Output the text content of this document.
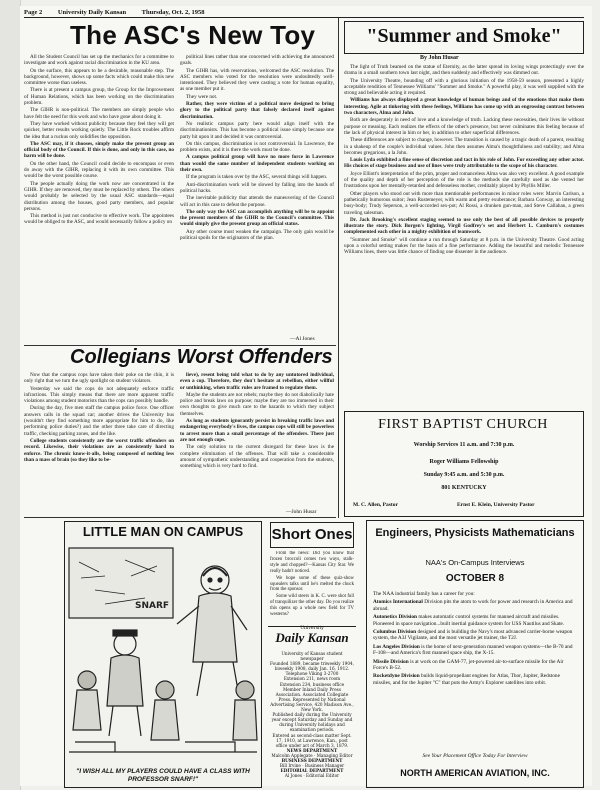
Page 2 University Daily Kansan Thursday, Oct. 2, 1958
The ASC's New Toy

All the Student Council has set up the mechanics for a committee to investigate and work against racial discrimination in the KU area.

On the surface, this appears to be a desirable, reasonable step. The background, however, shows up some facts which could make this new committee worse than useless.

There is at present a campus group, the Group for the Improvement of Human Relations, which has been working on the discrimination problem.

The GIHR is non-political. The members are simply people who have felt the need for this work and who have gone about doing it.

They have worked without publicity because they feel they will get quicker, better results working quietly. The Little Rock troubles affirm the idea that a ruckus only solidifies the opposition.

The ASC may, if it chooses, simply make the present group an official body of the Council. If this is done, and only in this case, no harm will be done.

On the other hand, the Council could decide to encompass or even do away with the GIHR, replacing it with its own committee. This would be the worst possible course.

The people actually doing the work now are concentrated in the GIHR. If they are removed, they must be replaced by others. The others would probably be selected by the usual ASC standards—equal distribution among the houses, good party members, and popular persons.

This method is just not conducive to effective work. The appointees would be obliged to the ASC, and would necessarily follow a policy on

political lines rather than one concerned with achieving the announced goals.

The GIHR has, with reservations, welcomed the ASC resolution. The ASC members who voted for the resolution were undoubtedly well-intentioned. They believed they were casting a vote for human equality, as one member put it.

They were not.

Rather, they were victims of a political move designed to bring glory to the political party that falsely declared itself against discrimination.

No realistic campus party here would align itself with the discriminationists. This has become a political issue simply because one party hit upon it and decided it was controversial.

On this campus, discrimination is not controversial. In Lawrence, the problem exists, and it is there the work must be done.

A campus political group will have no more force in Lawrence than would the same number of independent students working on their own.

If the program is taken over by the ASC, several things will happen.

Anti-discrimination work will be slowed by falling into the hands of political hacks.

The inevitable publicity that attends the maneuvering of the Council will act in this case to defeat the purpose.

The only way the ASC can accomplish anything will be to appoint the present members of the GIHR to the Council's committee. This would simply give the present group an official status.

Any other course must weaken the campaign. The only gain would be political spoils for the originators of the plan.

—Al Jones
"Summer and Smoke"
By John Husar

The light of Truth beamed on the statue of Eternity, as the latter spread its loving wings protectingly over the drama in a small southern town last night, and then suddenly and effectively was dimmed out.

The University Theatre, bounding off with a glorious initiation of the 1958-59 season, presented a highly acceptable rendition of Tennessee Williams' "Summer and Smoke." A powerful play, it was well supplied with the strong and believable acting it required.

Williams has always displayed a great knowledge of human beings and of the emotions that make them interesting. Agile at tinkering with these feelings, Williams has come up with an engrossing contrast between two characters, Alma and John.

Both are desperately in need of love and a knowledge of truth. Lacking these necessities, their lives lie without purpose or meaning. Each realizes the effects of the other's presence, but never culminates this feeling because of the lack of physical interest in him or her, in addition to other superficial differences.

These differences are subject to change, however. The transition is caused by a tragic death of a parent, resulting in a shakeup of the couple's individual values. John then assumes Alma's thoughtfulness and stability; and Alma becomes gregarious, a la John.

Louis Lyda exhibited a fine sense of discretion and tact in his role of John. For exceeding any other actor. His choices of stage business and use of lines were truly attributable to the scope of his character.

Joyce Elliott's interpretation of the prim, proper and romanceless Alma was also very excellent. A good example of the quality and depth of her perception of the role is the methods she carefully used as she vented her frustrations upon her mentally-retarded and defenseless mother, creditably played by Phyllis Miller.

Other players who stood out with more than mentionable performances in minor roles were: Marvin Carlson, a pathetically humorous suitor; Jean Rustemeyer, with warm and pretty exuberance; Barbara Conway, an interesting busy-body; Trudy Seperson, a well-accorded sex-pot; Al Rossi, a drunken gun-man, and Steve Callahan, a green traveling salesman.

Dr. Jack Brooking's excellent staging seemed to use only the best of all possible devices to properly illustrate the story. Dick Borgen's lighting, Virgil Godfrey's set and Herbert L. Camburn's costumes complemented each other in a mighty exhibition of teamwork.

"Summer and Smoke" will continue a run through Saturday at 8 p.m. in the University Theatre. Good acting upon a colorful setting makes for the basis of a fine performance. Adding the beautiful and melodic Tennessee Williams lines, there was little chance of finding one dissenter in the audience.

Collegians Worst Offenders

Now that the campus cops have taken their poke on the chin, it is only right that we turn the ugly spotlight on student violators.

Yesterday we said the cops do not adequately enforce traffic infractions. This simply means that there are more apparent traffic violations among student motorists than the cops can possibly handle.

During the day, five men staff the campus police force. One officer answers calls in the squad car; another drives the University bus (wouldn't they find something more appropriate for him to do, like performing police duties?) and the other three take care of directing traffic, checking parking zones, and the like.

College students consistently are the worst traffic offenders on record. Likewise, their violations are as consistently hard to enforce. The chronic know-it-alls, being composed of nothing less than a mass of brain (so they like to be-

lieve), resent being told what to do by any untutored individual, even a cop. Therefore, they don't hesitate at rebellion, either willful or unthinking, when traffic rules are framed to regulate them.

Maybe the students are not rebels; maybe they do not diabolically hate police and break laws on purpose; maybe they are too immersed in their own thoughts to give much care to the hazards to which they subject themselves.

As long as students ignorantly persist in breaking traffic laws and endangering everybody's lives, the campus cops will still be powerless to arrest more than a small percentage of the offenders. There just are not enough cops.

The only solution to the current disregard for these laws is the complete elimination of the offenses. That will take a considerable amount of sympathetic understanding and cooperation from the students, something which is very hard to find.

—John Husar
FIRST BAPTIST CHURCH
Worship Services 11 a.m. and 7:30 p.m.
Roger Williams Fellowship
Sunday 9:45 a.m. and 5:30 p.m.
801 KENTUCKY
M. C. Allen, Pastor	Ernst E. Klein, University Pastor
LITTLE MAN ON CAMPUS
SNARF
"I WISH ALL MY PLAYERS COULD HAVE A CLASS WITH PROFESSOR SNARF!"
Short Ones

From the news: Did you know that frozen broccoli comes two ways, stalk-style and chopped?—Kansas City Star. We really hadn't noticed.

We hope some of these quiz-show squealers talks until he's melted the chuck from the sponsor.

Some wild steers in K. C. were shot full of tranquilizer the other day. Do you realize this opens up a whole new field for TV westerns?

University
Daily Kansan
University of Kansas student newspaper
Founded 1889, became triweekly 1904, biweekly 1908, daily Jan. 16, 1912.
Telephone Viking 3-2700
Extension 211, news room
Extension 234, business office
Member Inland Daily Press Association. Associated Collegiate Press. Represented by National Advertising Service, 420 Madison Ave., New York.
Published daily during the University year except Saturday and Sunday and during University holidays and examination periods.
Entered as second-class matter Sept. 17, 1910, at Lawrence, Kan., post office under act of March 3, 1879.
NEWS DEPARTMENT
Malcolm Applegate · Managing Editor
BUSINESS DEPARTMENT
Bill Irvine · Business Manager
EDITORIAL DEPARTMENT
Al Jones · Editorial Editor
Engineers, Physicists Mathematicians
NAA's On-Campus Interviews
OCTOBER 8

The NAA industrial family has a career for you:

Atomics International Division pits the atom to work for power and research in America and abroad.

Autonetics Division makes automatic control systems for manned aircraft and missiles. Pioneered in space navigation...built inertial guidance system for USS Nautilus and Skate.

Columbus Division designed and is building the Navy's most advanced carrier-borne weapon system, the A3J Vigilante, and the most versatile jet trainer, the T2J.

Los Angeles Division is the home of next-generation manned weapon systems—the B-70 and F-108—and America's first manned space ship, the X-15.

Missile Division is at work on the GAM-77, jet-powered air-to-surface missile for the Air Force's B-52.

Rocketdyne Division builds liquid-propellant engines for Atlas, Thor, Jupiter, Redstone missiles, and for the Jupiter "C" that puts the Army's Explorer satellites into orbit.

See Your Placement Office Today For Interview
NORTH AMERICAN AVIATION, INC.
